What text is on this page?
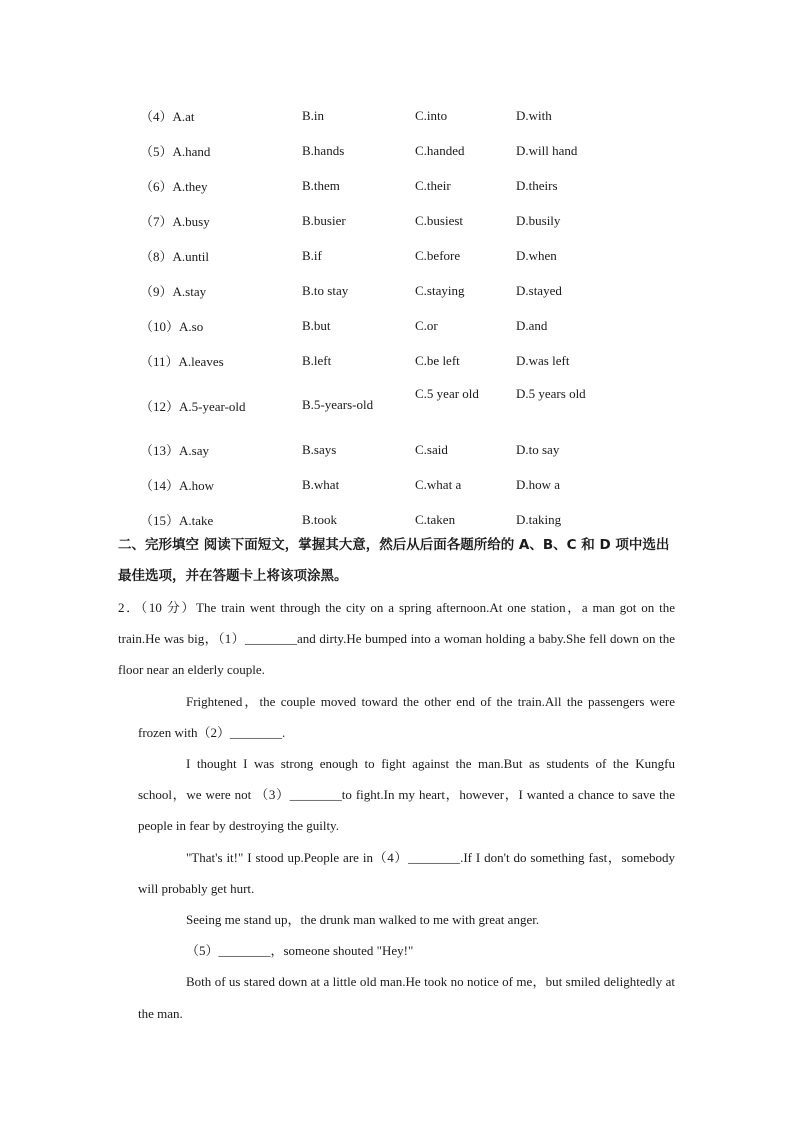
（4）A.at	B.in	C.into	D.with
（5）A.hand	B.hands	C.handed	D.will hand
（6）A.they	B.them	C.their	D.theirs
（7）A.busy	B.busier	C.busiest	D.busily
（8）A.until	B.if	C.before	D.when
（9）A.stay	B.to stay	C.staying	D.stayed
（10）A.so	B.but	C.or	D.and
（11）A.leaves	B.left	C.be left	D.was left
（12）A.5-year-old	B.5-years-old	C.5 year old	D.5 years old
（13）A.say	B.says	C.said	D.to say
（14）A.how	B.what	C.what a	D.how a
（15）A.take	B.took	C.taken	D.taking
二、完形填空 阅读下面短文，掌握其大意，然后从后面各题所给的 A、B、C 和 D 项中选出最佳选项，并在答题卡上将该项涂黑。

2．（10 分）The train went through the city on a spring afternoon.At one station，a man got on the train.He was big，（1）________and dirty.He bumped into a woman holding a baby.She fell down on the floor near an elderly couple.

Frightened，the couple moved toward the other end of the train.All the passengers were frozen with（2）________.

I thought I was strong enough to fight against the man.But as students of the Kungfu school，we were not （3）________to fight.In my heart，however，I wanted a chance to save the people in fear by destroying the guilty.

"That's it!" I stood up.People are in（4）________.If I don't do something fast，somebody will probably get hurt.

Seeing me stand up，the drunk man walked to me with great anger.

（5）________，someone shouted "Hey!"

Both of us stared down at a little old man.He took no notice of me，but smiled delightedly at the man.
